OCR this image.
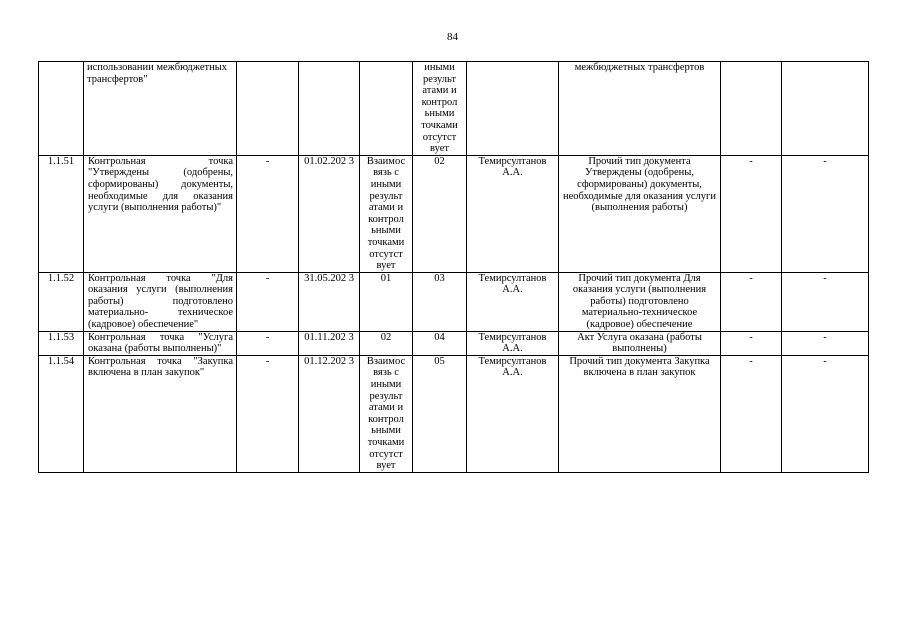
84
	использовании межбюджетных трансфертов"				иными результ атами и контрол ьными точками отсутст вует		межбюджетных трансфертов		
1.1.51	Контрольная точка "Утверждены (одобрены, сформированы) документы, необходимые для оказания услуги (выполнения работы)"	-	01.02.202 3	Взаимос вязь с иными результ атами и контрол ьными точками отсутст вует	02	Темирсултанов А.А.	Прочий тип документа Утверждены (одобрены, сформированы) документы, необходимые для оказания услуги (выполнения работы)	-	-
1.1.52	Контрольная точка "Для оказания услуги (выполнения работы) подготовлено материально- техническое (кадровое) обеспечение"	-	31.05.202 3	01	03	Темирсултанов А.А.	Прочий тип документа Для оказания услуги (выполнения работы) подготовлено материально-техническое (кадровое) обеспечение	-	-
1.1.53	Контрольная точка "Услуга оказана (работы выполнены)"	-	01.11.202 3	02	04	Темирсултанов А.А.	Акт Услуга оказана (работы выполнены)	-	-
1.1.54	Контрольная точка "Закупка включена в план закупок"	-	01.12.202 3	Взаимос вязь с иными результ атами и контрол ьными точками отсутст вует	05	Темирсултанов А.А.	Прочий тип документа Закупка включена в план закупок	-	-
